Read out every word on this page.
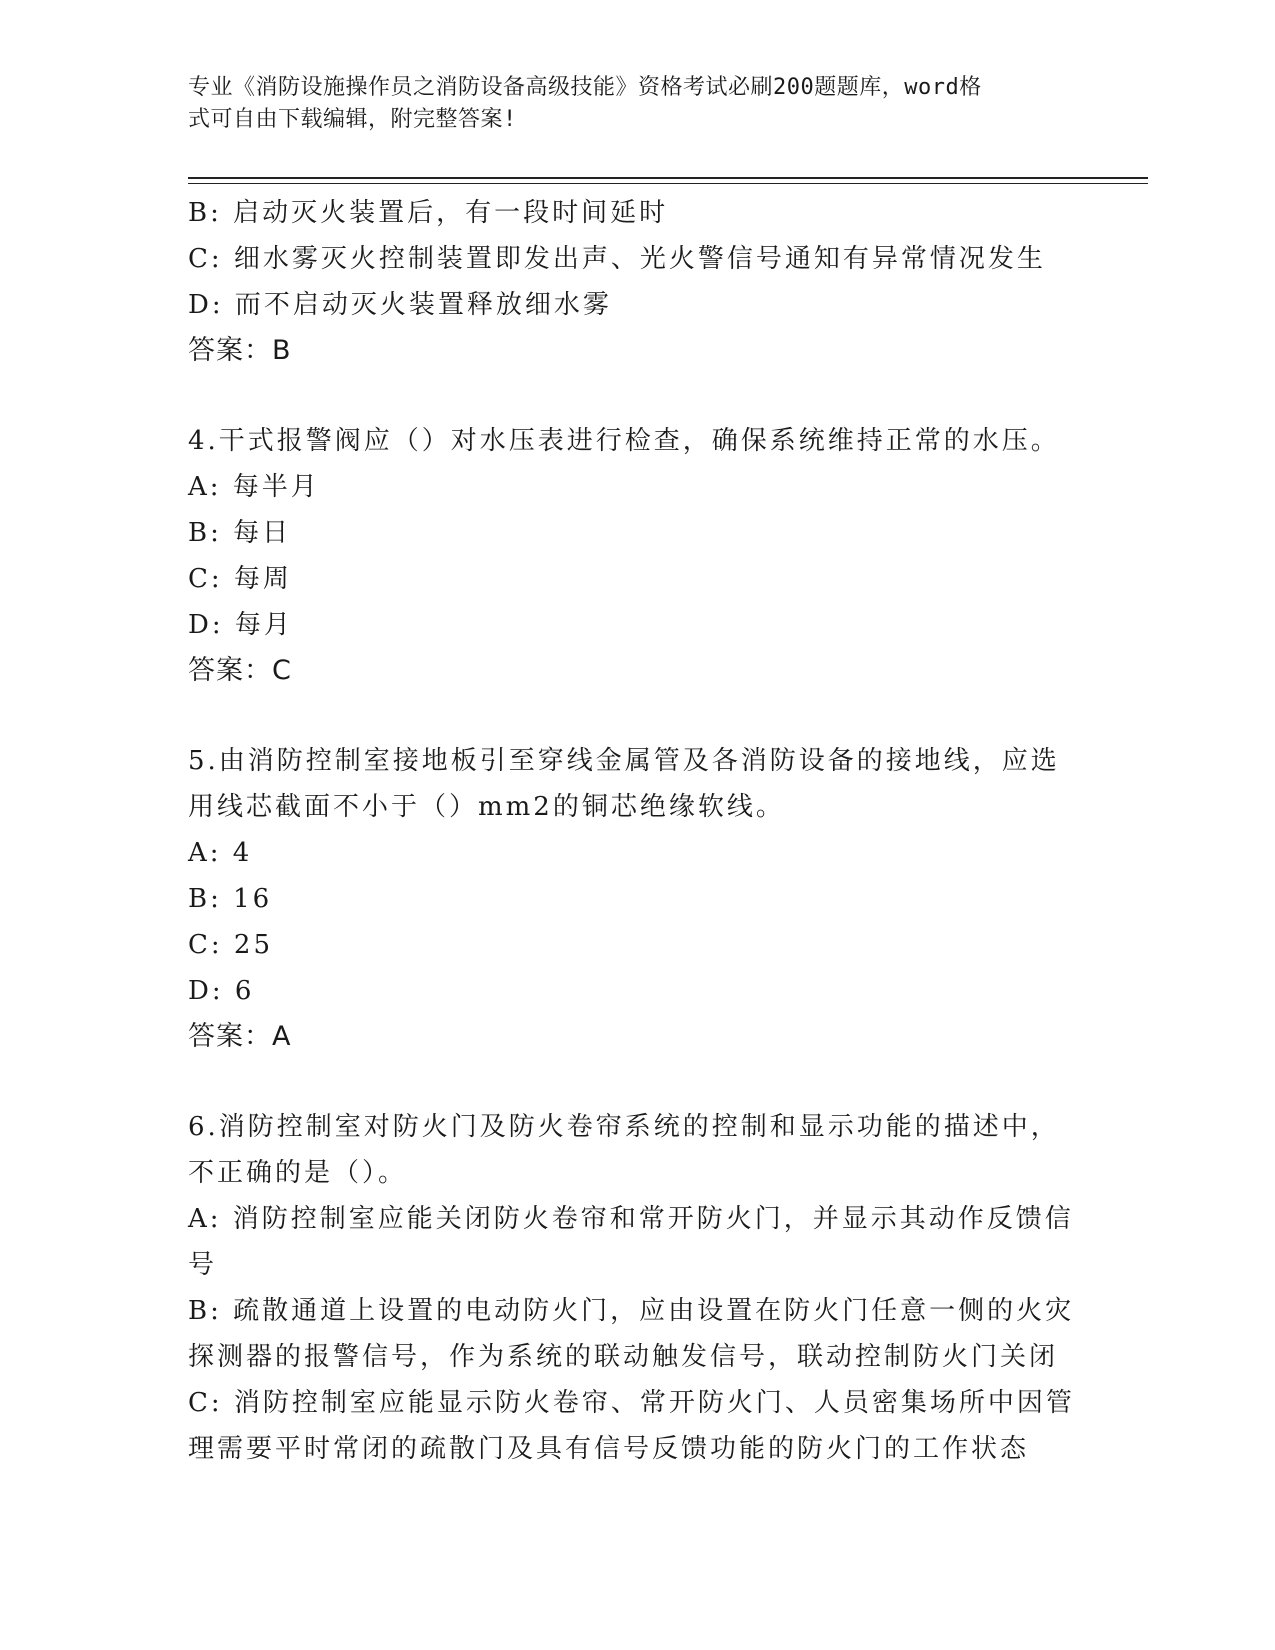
专业《消防设施操作员之消防设备高级技能》资格考试必刷200题题库，word格
式可自由下载编辑，附完整答案!
B: 启动灭火装置后，有一段时间延时
C: 细水雾灭火控制装置即发出声、光火警信号通知有异常情况发生
D: 而不启动灭火装置释放细水雾
答案：B
4.干式报警阀应（）对水压表进行检查，确保系统维持正常的水压。
A: 每半月
B: 每日
C: 每周
D: 每月
答案：C
5.由消防控制室接地板引至穿线金属管及各消防设备的接地线，应选
用线芯截面不小于（）mm2的铜芯绝缘软线。
A: 4
B: 16
C: 25
D: 6
答案：A
6.消防控制室对防火门及防火卷帘系统的控制和显示功能的描述中，
不正确的是（）。
A: 消防控制室应能关闭防火卷帘和常开防火门，并显示其动作反馈信
号
B: 疏散通道上设置的电动防火门，应由设置在防火门任意一侧的火灾
探测器的报警信号，作为系统的联动触发信号，联动控制防火门关闭
C: 消防控制室应能显示防火卷帘、常开防火门、人员密集场所中因管
理需要平时常闭的疏散门及具有信号反馈功能的防火门的工作状态
